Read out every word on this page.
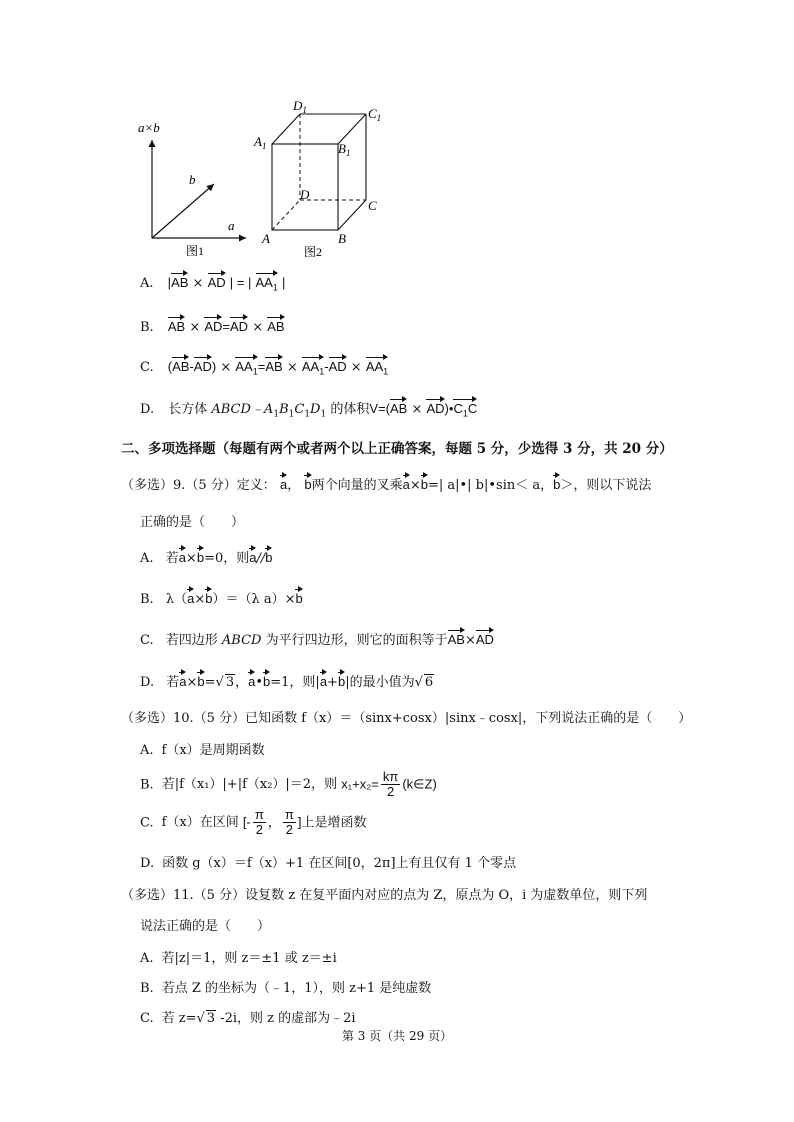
a×b
b
a
图1
$D_1$	$C_1$
$A_1$	$B_1$
D
C
A	B
图2
A. |AB × AD | = | $AA_1$ |
B. AB × AD=AD × AB
C. $(AB-AD) \times AA_1=AB \times AA_1-AD \times AA_1$
D. 长方体 $ABCD﹣A_1B_1C_1D_1$ 的体积$V=(AB \times AD)•C_1C$
二、多项选择题（每题有两个或者两个以上正确答案，每题 5 分，少选得 3 分，共 20 分）
（多选）9.（5 分）定义： a， b两个向量的叉乘a×b=| a|•| b|•sin＜ a，b＞，则以下说法
正确的是（　　）
A. 若a×b=0，则a//b
B. λ（a×b）＝（λ a）×b
C. 若四边形 ABCD 为平行四边形，则它的面积等于AB×AD
D. 若a×b=√ 3，a•b=1，则|a+b|的最小值为√ 6
（多选）10.（5 分）已知函数 f（x）＝（sinx+cosx）|sinx﹣cosx|，下列说法正确的是（　　）
A. f（x）是周期函数
B. 若|f（x₁）|+|f（x₂）|＝2，则 $x_1+x_2= \frac{k\pi}{2}$ (k∈Z)
C. f（x）在区间 [- $\frac{\pi}{2}$ ， $\frac{\pi}{2}$ ]上是增函数
D. 函数 g（x）＝f（x）+1 在区间[0，2π]上有且仅有 1 个零点
（多选）11.（5 分）设复数 z 在复平面内对应的点为 Z，原点为 O，i 为虚数单位，则下列
说法正确的是（　　）
A. 若|z|＝1，则 z＝±1 或 z＝±i
B. 若点 Z 的坐标为（﹣1，1），则 z+1 是纯虚数
C. 若 z=√ 3 -2i，则 z 的虚部为﹣2i
第 3 页（共 29 页）
